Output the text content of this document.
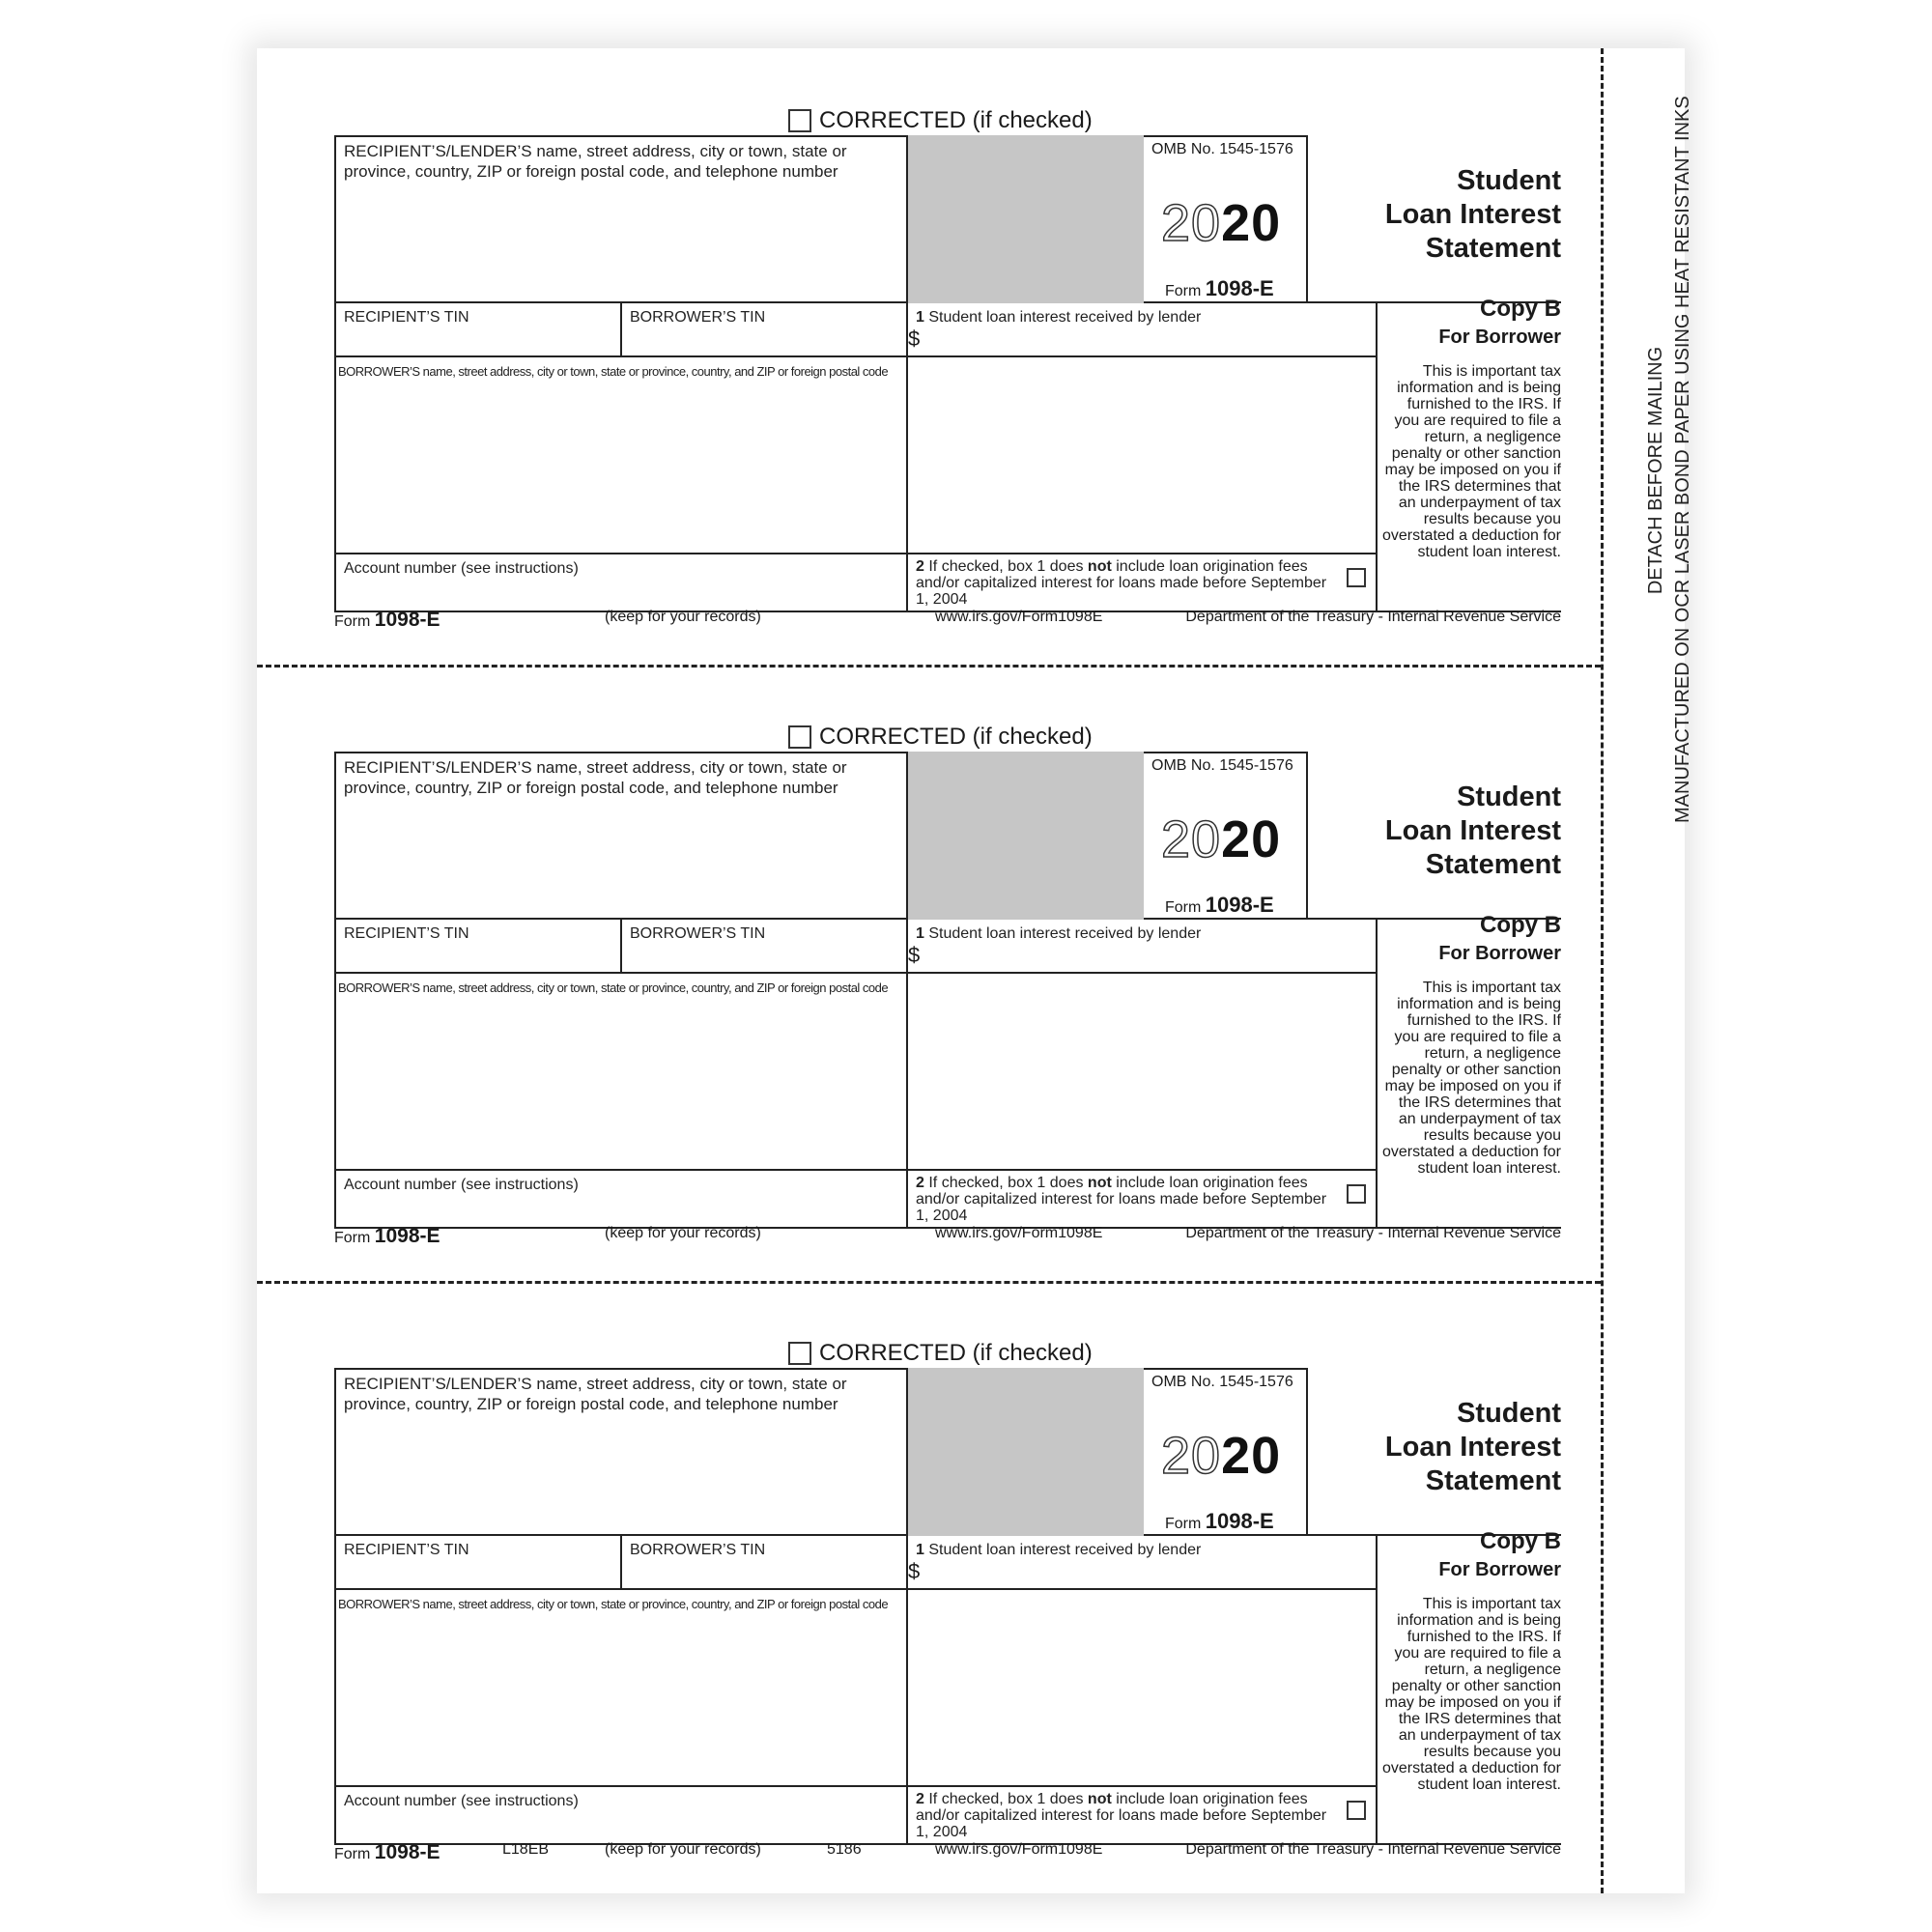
DETACH BEFORE MAILING MANUFACTURED ON OCR LASER BOND PAPER USING HEAT RESISTANT INKS
CORRECTED (if checked)
RECIPIENT’S/LENDER’S name, street address, city or town, state or province, country, ZIP or foreign postal code, and telephone number
OMB No. 1545-1576
2020
Form 1098-E
Student
Loan Interest
Statement
RECIPIENT’S TIN	BORROWER’S TIN	1 Student loan interest received by lender
$
Copy B
For Borrower
This is important tax information and is being furnished to the IRS. If you are required to file a return, a negligence penalty or other sanction may be imposed on you if the IRS determines that an underpayment of tax results because you overstated a deduction for student loan interest.
BORROWER’S name, street address, city or town, state or province, country, and ZIP or foreign postal code
Account number (see instructions)	2 If checked, box 1 does not include loan origination fees and/or capitalized interest for loans made before September 1, 2004
Form 1098-E	(keep for your records)	www.irs.gov/Form1098E	Department of the Treasury - Internal Revenue Service
CORRECTED (if checked)
RECIPIENT’S/LENDER’S name, street address, city or town, state or province, country, ZIP or foreign postal code, and telephone number
OMB No. 1545-1576
2020
Form 1098-E
Student
Loan Interest
Statement
RECIPIENT’S TIN	BORROWER’S TIN	1 Student loan interest received by lender
$
Copy B
For Borrower
This is important tax information and is being furnished to the IRS. If you are required to file a return, a negligence penalty or other sanction may be imposed on you if the IRS determines that an underpayment of tax results because you overstated a deduction for student loan interest.
BORROWER’S name, street address, city or town, state or province, country, and ZIP or foreign postal code
Account number (see instructions)	2 If checked, box 1 does not include loan origination fees and/or capitalized interest for loans made before September 1, 2004
Form 1098-E	(keep for your records)	www.irs.gov/Form1098E	Department of the Treasury - Internal Revenue Service
CORRECTED (if checked)
RECIPIENT’S/LENDER’S name, street address, city or town, state or province, country, ZIP or foreign postal code, and telephone number
OMB No. 1545-1576
2020
Form 1098-E
Student
Loan Interest
Statement
RECIPIENT’S TIN	BORROWER’S TIN	1 Student loan interest received by lender
$
Copy B
For Borrower
This is important tax information and is being furnished to the IRS. If you are required to file a return, a negligence penalty or other sanction may be imposed on you if the IRS determines that an underpayment of tax results because you overstated a deduction for student loan interest.
BORROWER’S name, street address, city or town, state or province, country, and ZIP or foreign postal code
Account number (see instructions)	2 If checked, box 1 does not include loan origination fees and/or capitalized interest for loans made before September 1, 2004
Form 1098-E	L18EB	(keep for your records)	5186	www.irs.gov/Form1098E	Department of the Treasury - Internal Revenue Service
